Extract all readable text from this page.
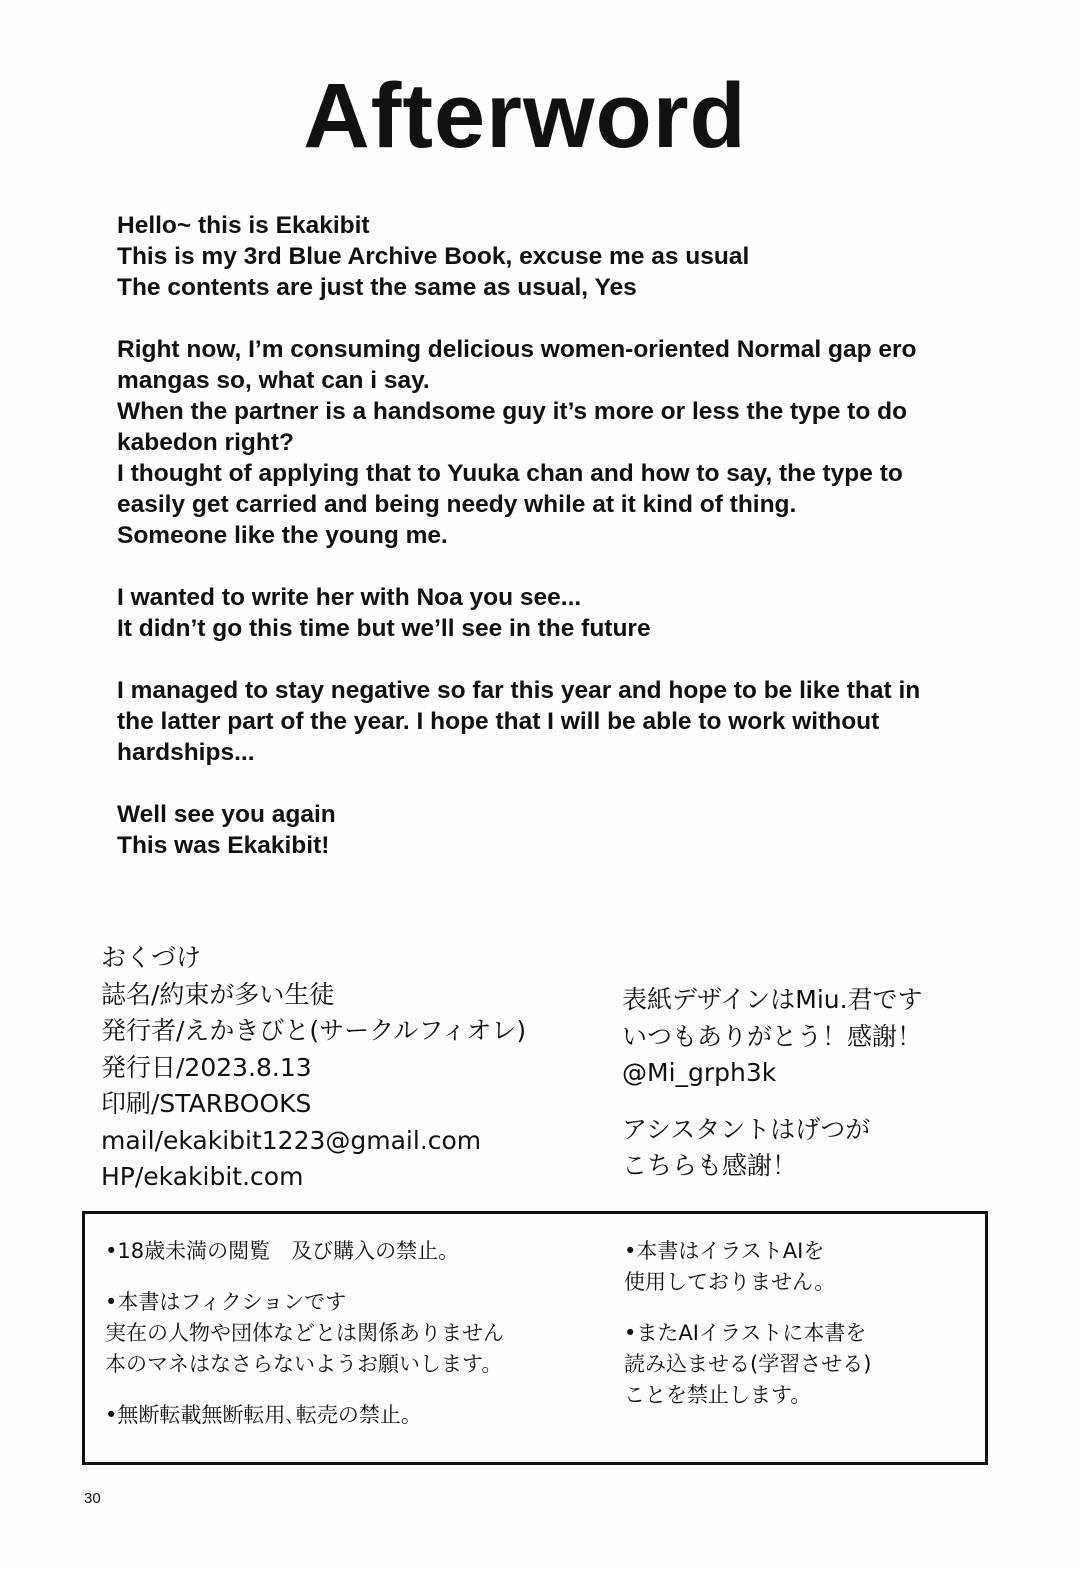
Afterword
Hello~ this is Ekakibit
This is my 3rd Blue Archive Book, excuse me as usual
The contents are just the same as usual, Yes
Right now, I’m consuming delicious women-oriented Normal gap ero
mangas so, what can i say.
When the partner is a handsome guy it’s more or less the type to do
kabedon right?
I thought of applying that to Yuuka chan and how to say, the type to
easily get carried and being needy while at it kind of thing.
Someone like the young me.
I wanted to write her with Noa you see...
It didn’t go this time but we’ll see in the future
I managed to stay negative so far this year and hope to be like that in
the latter part of the year. I hope that I will be able to work without
hardships...
Well see you again
This was Ekakibit!
おくづけ
誌名/約束が多い生徒
発行者/えかきびと(サークルフィオレ)
発行日/2023.8.13
印刷/STARBOOKS
mail/ekakibit1223@gmail.com
HP/ekakibit.com
表紙デザインはMiu.君です
いつもありがとう！感謝！
@Mi_grph3k
アシスタントはげつが
こちらも感謝！
•18歳未満の閲覧　及び購入の禁止。
•本書はフィクションです
実在の人物や団体などとは関係ありません
本のマネはなさらないようお願いします。
•無断転載無断転用､転売の禁止。
•本書はイラストAIを
使用しておりません。
•またAIイラストに本書を
読み込ませる(学習させる)
ことを禁止します。
30
